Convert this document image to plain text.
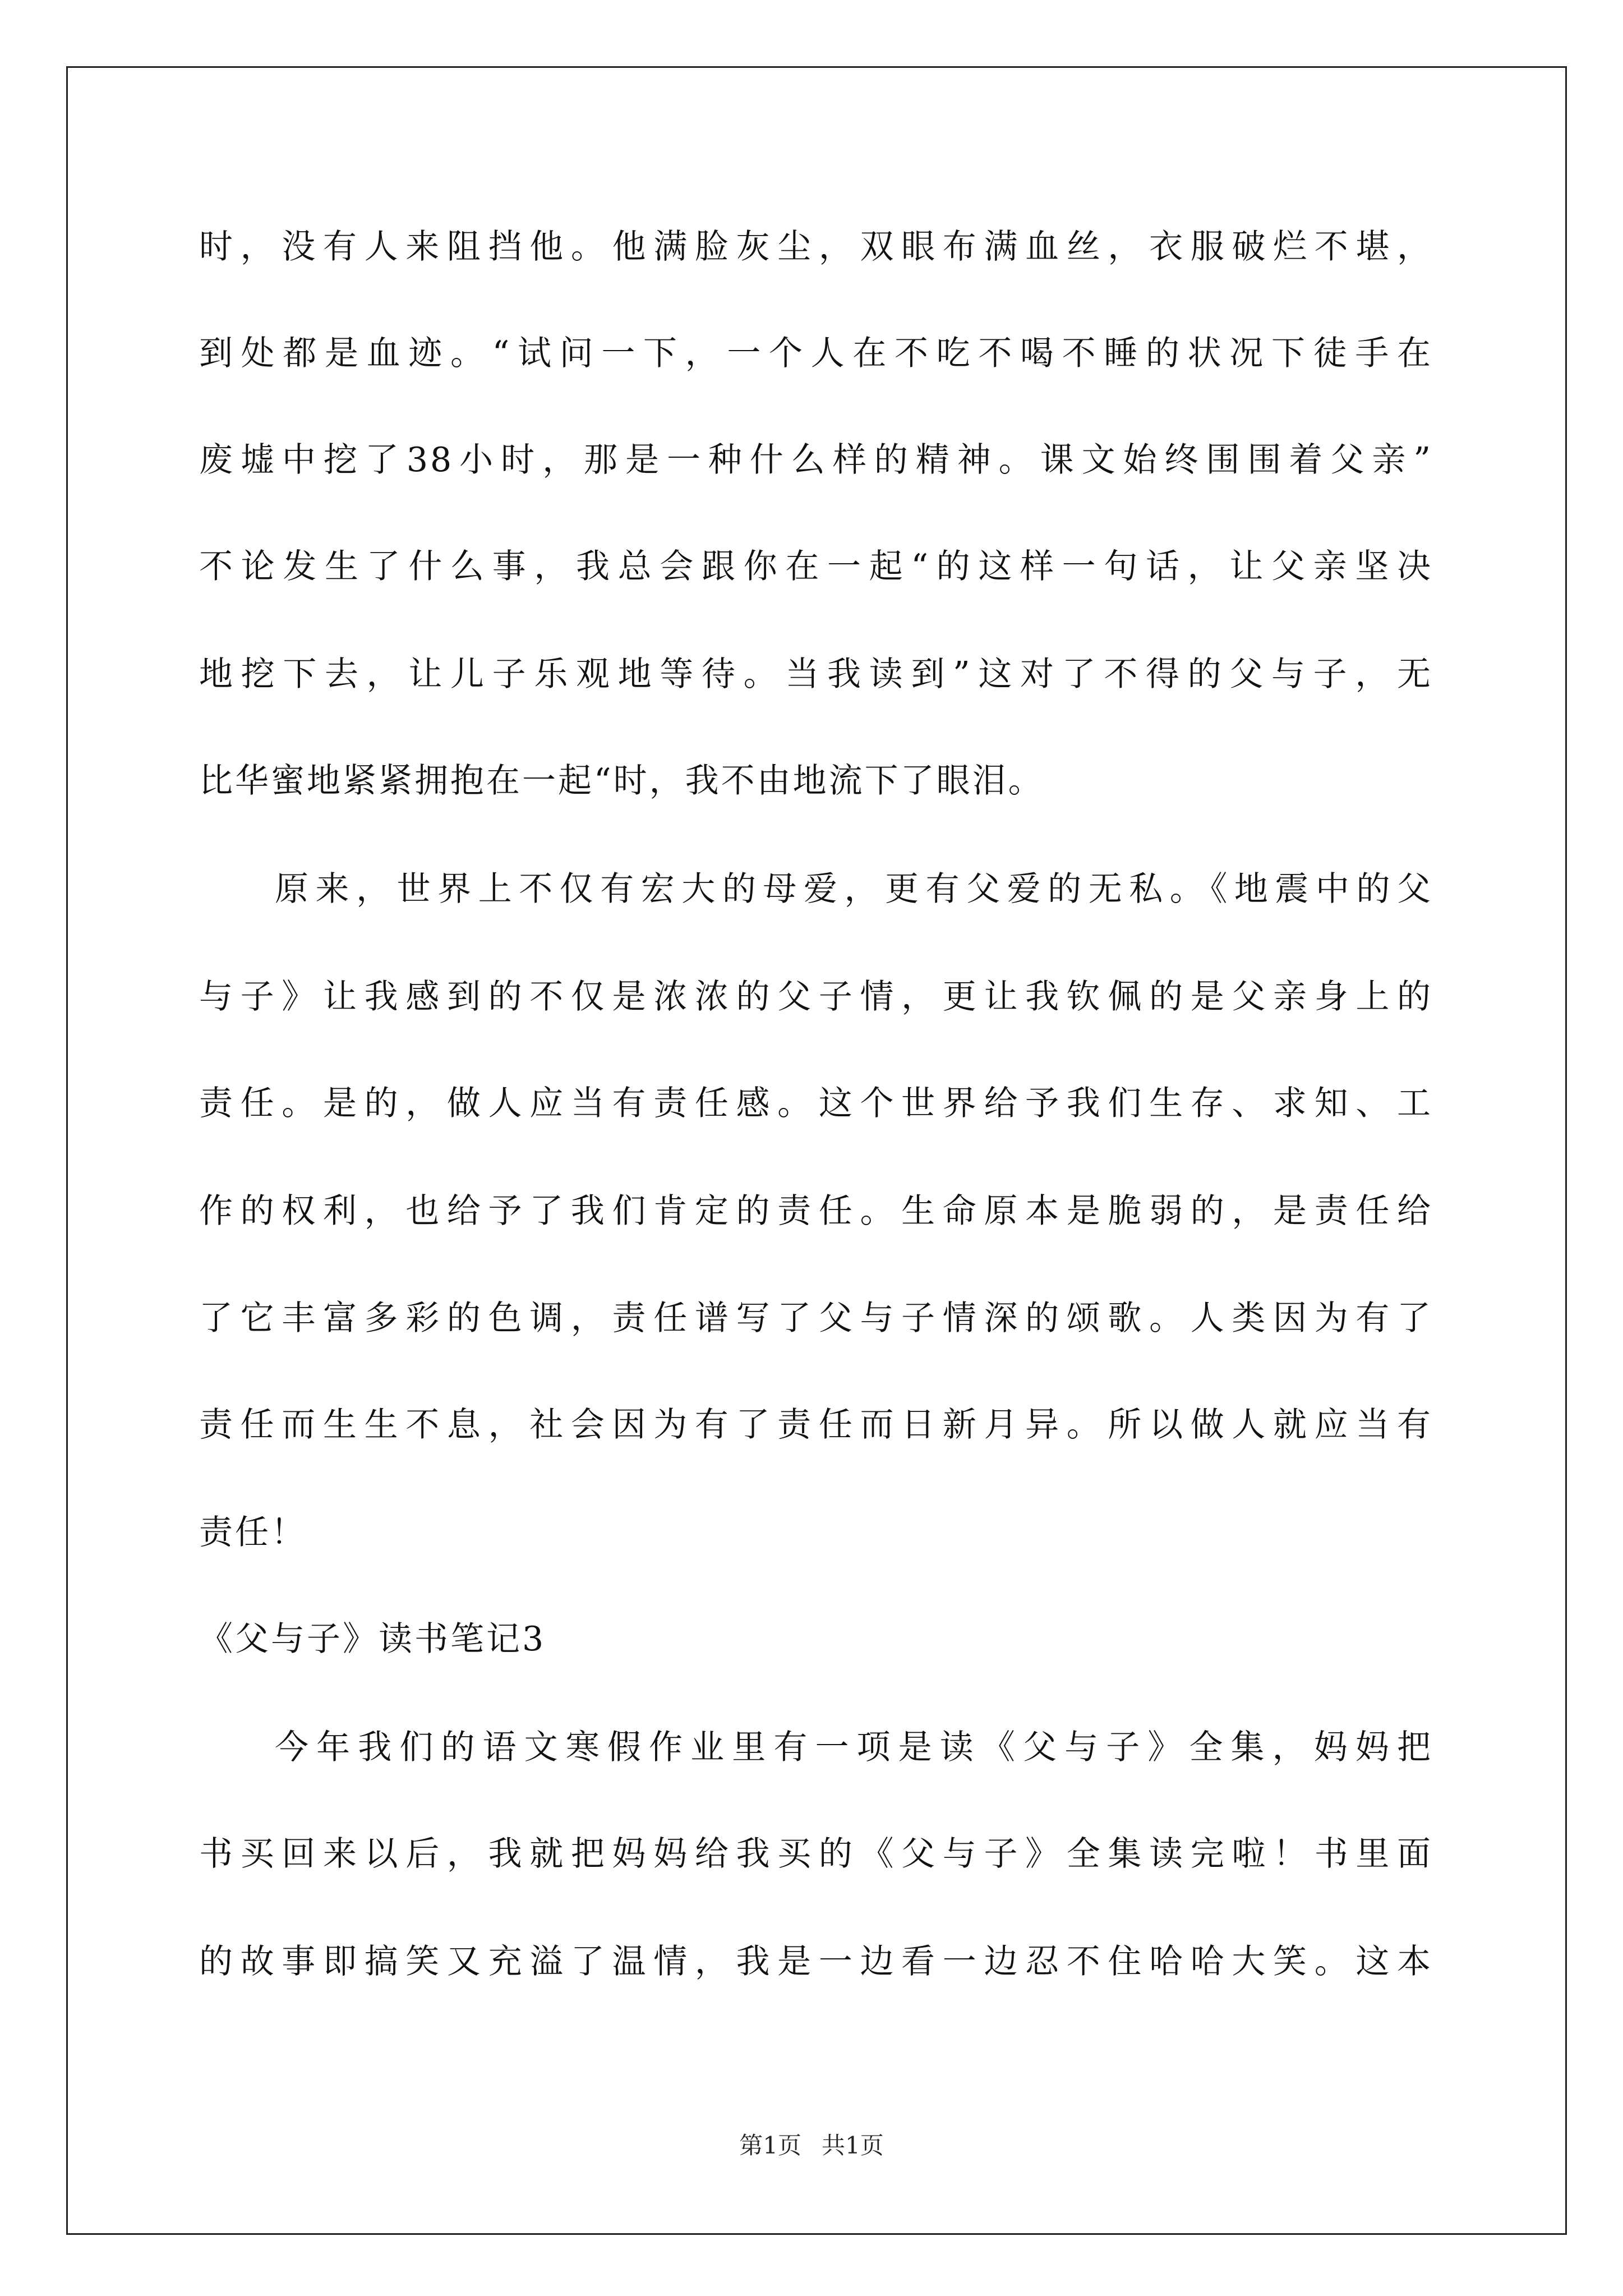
时，没有人来阻挡他。他满脸灰尘，双眼布满血丝，衣服破烂不堪，
到处都是血迹。“试问一下，一个人在不吃不喝不睡的状况下徒手在
废墟中挖了38小时，那是一种什么样的精神。课文始终围围着父亲”
不论发生了什么事，我总会跟你在一起“的这样一句话，让父亲坚决
地挖下去，让儿子乐观地等待。当我读到”这对了不得的父与子，无
比华蜜地紧紧拥抱在一起“时，我不由地流下了眼泪。
原来，世界上不仅有宏大的母爱，更有父爱的无私。《地震中的父
与子》让我感到的不仅是浓浓的父子情，更让我钦佩的是父亲身上的
责任。是的，做人应当有责任感。这个世界给予我们生存、求知、工
作的权利，也给予了我们肯定的责任。生命原本是脆弱的，是责任给
了它丰富多彩的色调，责任谱写了父与子情深的颂歌。人类因为有了
责任而生生不息，社会因为有了责任而日新月异。所以做人就应当有
责任！
《父与子》读书笔记3
今年我们的语文寒假作业里有一项是读《父与子》全集，妈妈把
书买回来以后，我就把妈妈给我买的《父与子》全集读完啦！书里面
的故事即搞笑又充溢了温情，我是一边看一边忍不住哈哈大笑。这本
第1页 共1页
